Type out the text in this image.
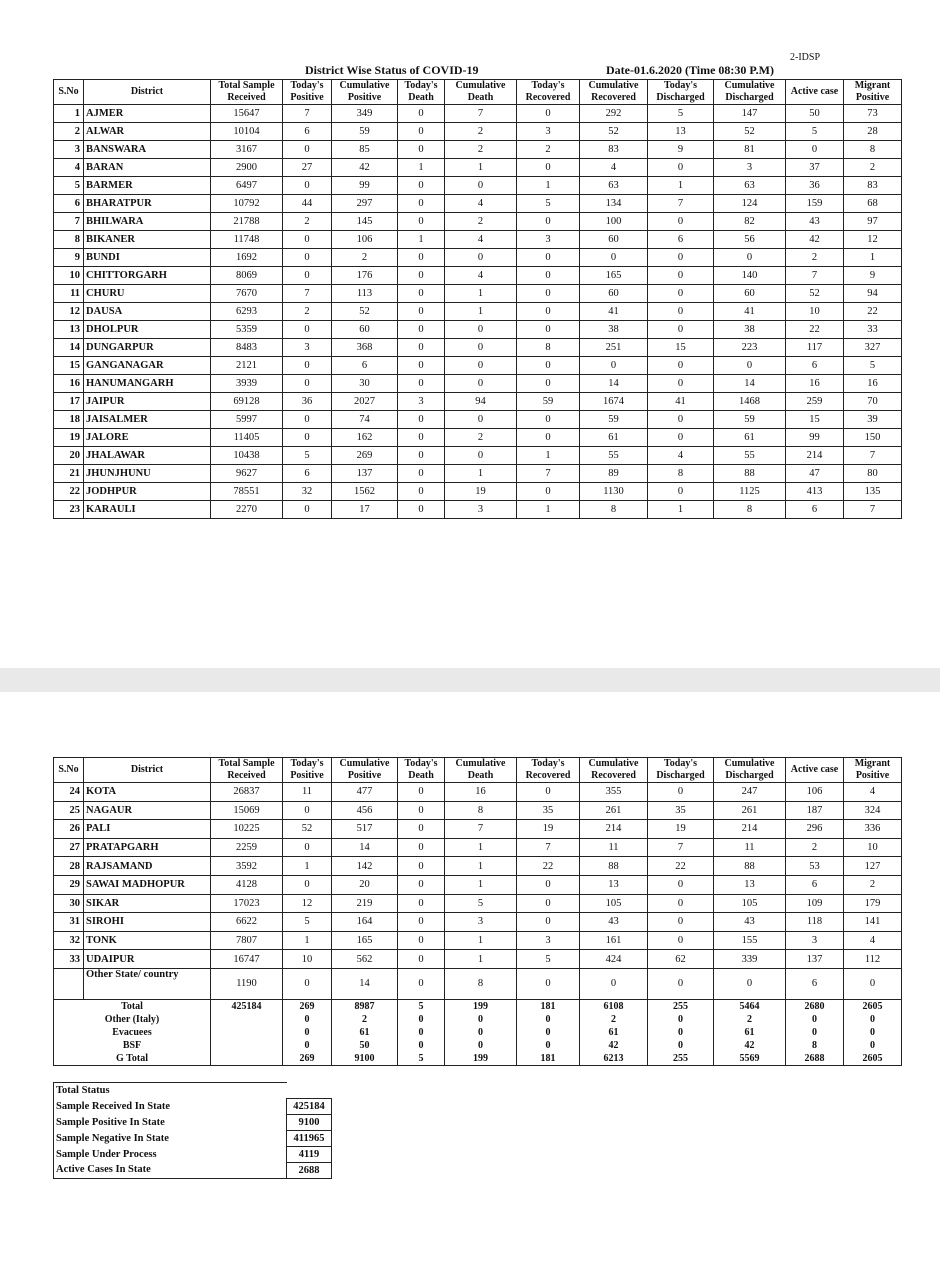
2-IDSP
District Wise Status of COVID-19	Date-01.6.2020 (Time 08:30 P.M)
S.No	District	Total Sample Received	Today's Positive	Cumulative Positive	Today's Death	Cumulative Death	Today's Recovered	Cumulative Recovered	Today's Discharged	Cumulative Discharged	Active case	Migrant Positive
1	AJMER	15647	7	349	0	7	0	292	5	147	50	73
2	ALWAR	10104	6	59	0	2	3	52	13	52	5	28
3	BANSWARA	3167	0	85	0	2	2	83	9	81	0	8
4	BARAN	2900	27	42	1	1	0	4	0	3	37	2
5	BARMER	6497	0	99	0	0	1	63	1	63	36	83
6	BHARATPUR	10792	44	297	0	4	5	134	7	124	159	68
7	BHILWARA	21788	2	145	0	2	0	100	0	82	43	97
8	BIKANER	11748	0	106	1	4	3	60	6	56	42	12
9	BUNDI	1692	0	2	0	0	0	0	0	0	2	1
10	CHITTORGARH	8069	0	176	0	4	0	165	0	140	7	9
11	CHURU	7670	7	113	0	1	0	60	0	60	52	94
12	DAUSA	6293	2	52	0	1	0	41	0	41	10	22
13	DHOLPUR	5359	0	60	0	0	0	38	0	38	22	33
14	DUNGARPUR	8483	3	368	0	0	8	251	15	223	117	327
15	GANGANAGAR	2121	0	6	0	0	0	0	0	0	6	5
16	HANUMANGARH	3939	0	30	0	0	0	14	0	14	16	16
17	JAIPUR	69128	36	2027	3	94	59	1674	41	1468	259	70
18	JAISALMER	5997	0	74	0	0	0	59	0	59	15	39
19	JALORE	11405	0	162	0	2	0	61	0	61	99	150
20	JHALAWAR	10438	5	269	0	0	1	55	4	55	214	7
21	JHUNJHUNU	9627	6	137	0	1	7	89	8	88	47	80
22	JODHPUR	78551	32	1562	0	19	0	1130	0	1125	413	135
23	KARAULI	2270	0	17	0	3	1	8	1	8	6	7
S.No	District	Total Sample Received	Today's Positive	Cumulative Positive	Today's Death	Cumulative Death	Today's Recovered	Cumulative Recovered	Today's Discharged	Cumulative Discharged	Active case	Migrant Positive
24	KOTA	26837	11	477	0	16	0	355	0	247	106	4
25	NAGAUR	15069	0	456	0	8	35	261	35	261	187	324
26	PALI	10225	52	517	0	7	19	214	19	214	296	336
27	PRATAPGARH	2259	0	14	0	1	7	11	7	11	2	10
28	RAJSAMAND	3592	1	142	0	1	22	88	22	88	53	127
29	SAWAI MADHOPUR	4128	0	20	0	1	0	13	0	13	6	2
30	SIKAR	17023	12	219	0	5	0	105	0	105	109	179
31	SIROHI	6622	5	164	0	3	0	43	0	43	118	141
32	TONK	7807	1	165	0	1	3	161	0	155	3	4
33	UDAIPUR	16747	10	562	0	1	5	424	62	339	137	112
	Other State/ country	1190	0	14	0	8	0	0	0	0	6	0
Total		425184	269	8987	5	199	181	6108	255	5464	2680	2605
Other (Italy)			0	2	0	0	0	2	0	2	0	0
Evacuees			0	61	0	0	0	61	0	61	0	0
BSF			0	50	0	0	0	42	0	42	8	0
G Total			269	9100	5	199	181	6213	255	5569	2688	2605
Total Status	
Sample Received In State	425184
Sample Positive In State	9100
Sample Negative In State	411965
Sample Under Process	4119
Active Cases In State	2688
